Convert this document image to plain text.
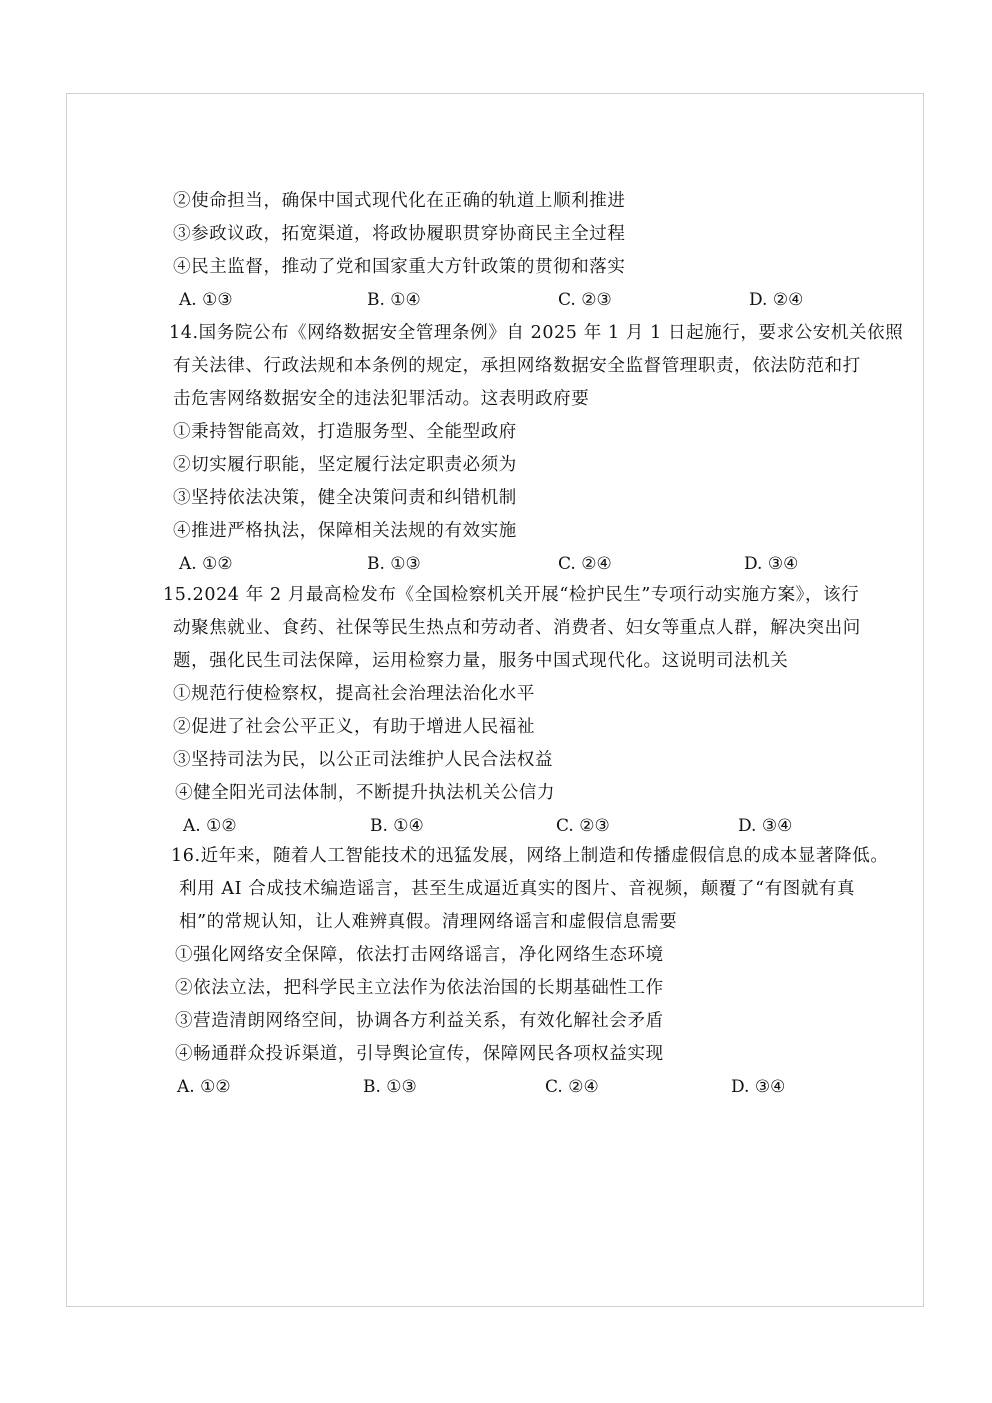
②使命担当，确保中国式现代化在正确的轨道上顺利推进
③参政议政，拓宽渠道，将政协履职贯穿协商民主全过程
④民主监督，推动了党和国家重大方针政策的贯彻和落实
A. ①③	B. ①④	C. ②③	D. ②④
14.国务院公布《网络数据安全管理条例》自 2025 年 1 月 1 日起施行，要求公安机关依照
有关法律、行政法规和本条例的规定，承担网络数据安全监督管理职责，依法防范和打
击危害网络数据安全的违法犯罪活动。这表明政府要
①秉持智能高效，打造服务型、全能型政府
②切实履行职能，坚定履行法定职责必须为
③坚持依法决策，健全决策问责和纠错机制
④推进严格执法，保障相关法规的有效实施
A. ①②	B. ①③	C. ②④	D. ③④
15.2024 年 2 月最高检发布《全国检察机关开展“检护民生”专项行动实施方案》，该行
动聚焦就业、食药、社保等民生热点和劳动者、消费者、妇女等重点人群，解决突出问
题，强化民生司法保障，运用检察力量，服务中国式现代化。这说明司法机关
①规范行使检察权，提高社会治理法治化水平
②促进了社会公平正义，有助于增进人民福祉
③坚持司法为民，以公正司法维护人民合法权益
④健全阳光司法体制，不断提升执法机关公信力
A. ①②	B. ①④	C. ②③	D. ③④
16.近年来，随着人工智能技术的迅猛发展，网络上制造和传播虚假信息的成本显著降低。
利用 AI 合成技术编造谣言，甚至生成逼近真实的图片、音视频，颠覆了“有图就有真
相”的常规认知，让人难辨真假。清理网络谣言和虚假信息需要
①强化网络安全保障，依法打击网络谣言，净化网络生态环境
②依法立法，把科学民主立法作为依法治国的长期基础性工作
③营造清朗网络空间，协调各方利益关系，有效化解社会矛盾
④畅通群众投诉渠道，引导舆论宣传，保障网民各项权益实现
A. ①②	B. ①③	C. ②④	D. ③④
